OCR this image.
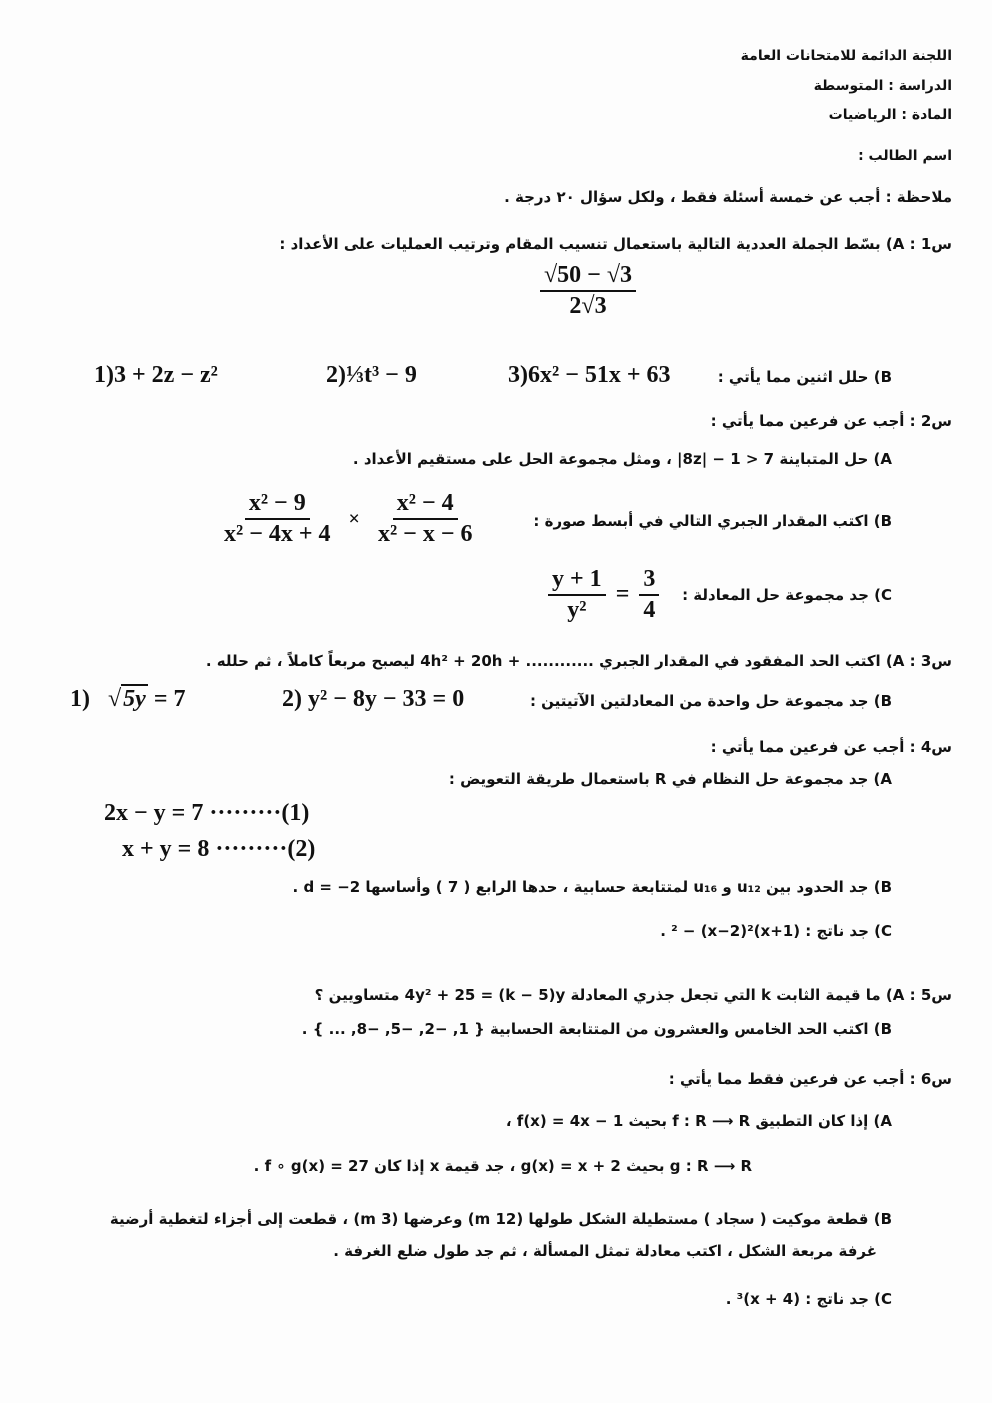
اللجنة الدائمة للامتحانات العامة
الدراسة : المتوسطة
المادة : الرياضيات
اسم الطالب :
ملاحظة : أجب عن خمسة أسئلة فقط ، ولكل سؤال ٢٠ درجة .
س1 : A) بسّط الجملة العددية التالية باستعمال تنسيب المقام وترتيب العمليات على الأعداد :
$\frac{√50 - √3}{2√3}$
B) حلل اثنين مما يأتي :
3)6x² − 51x + 63
2)⅓t³ − 9
1)3 + 2z − z²
س2 : أجب عن فرعين مما يأتي :
A) حل المتباينة 7 < 1 − |8z| ، ومثل مجموعة الحل على مستقيم الأعداد .
B) اكتب المقدار الجبري التالي في أبسط صورة :
$\frac{\text{x² − 9}}{\text{x² − 4x + 4}} \times \frac{\text{x² − 4}}{\text{x² − x − 6}}$
C) جد مجموعة حل المعادلة :
$\frac{y + 1}{\text{y²}} = \frac{3}{4}$
س3 : A) اكتب الحد المفقود في المقدار الجبري ............ + 4h² + 20h ليصبح مربعاً كاملاً ، ثم حلله .
B) جد مجموعة حل واحدة من المعادلتين الآتيتين :
2) y² − 8y − 33 = 0
1) √5y = 7
س4 : أجب عن فرعين مما يأتي :
A) جد مجموعة حل النظام في R باستعمال طريقة التعويض :
2x − y = 7 ·········(1)
x + y = 8 ·········(2)
B) جد الحدود بين u₁₂ و u₁₆ لمتتابعة حسابية ، حدها الرابع ( 7 ) وأساسها d = −2 .
C) جد ناتج : (x+1)² − (x−2)² .
س5 : A) ما قيمة الثابت k التي تجعل جذري المعادلة 4y² + 25 = (k − 5)y متساويين ؟
B) اكتب الحد الخامس والعشرون من المتتابعة الحسابية { 1, −2, −5, −8, ... } .
س6 : أجب عن فرعين فقط مما يأتي :
A) إذا كان التطبيق f : R ⟶ R بحيث f(x) = 4x − 1 ،
g : R ⟶ R بحيث g(x) = x + 2 ، جد قيمة x إذا كان f ∘ g(x) = 27 .
B) قطعة موكيت ( سجاد ) مستطيلة الشكل طولها (12 m) وعرضها (3 m) ، قطعت إلى أجزاء لتغطية أرضية
غرفة مربعة الشكل ، اكتب معادلة تمثل المسألة ، ثم جد طول ضلع الغرفة .
C) جد ناتج : (x + 4)³ .
